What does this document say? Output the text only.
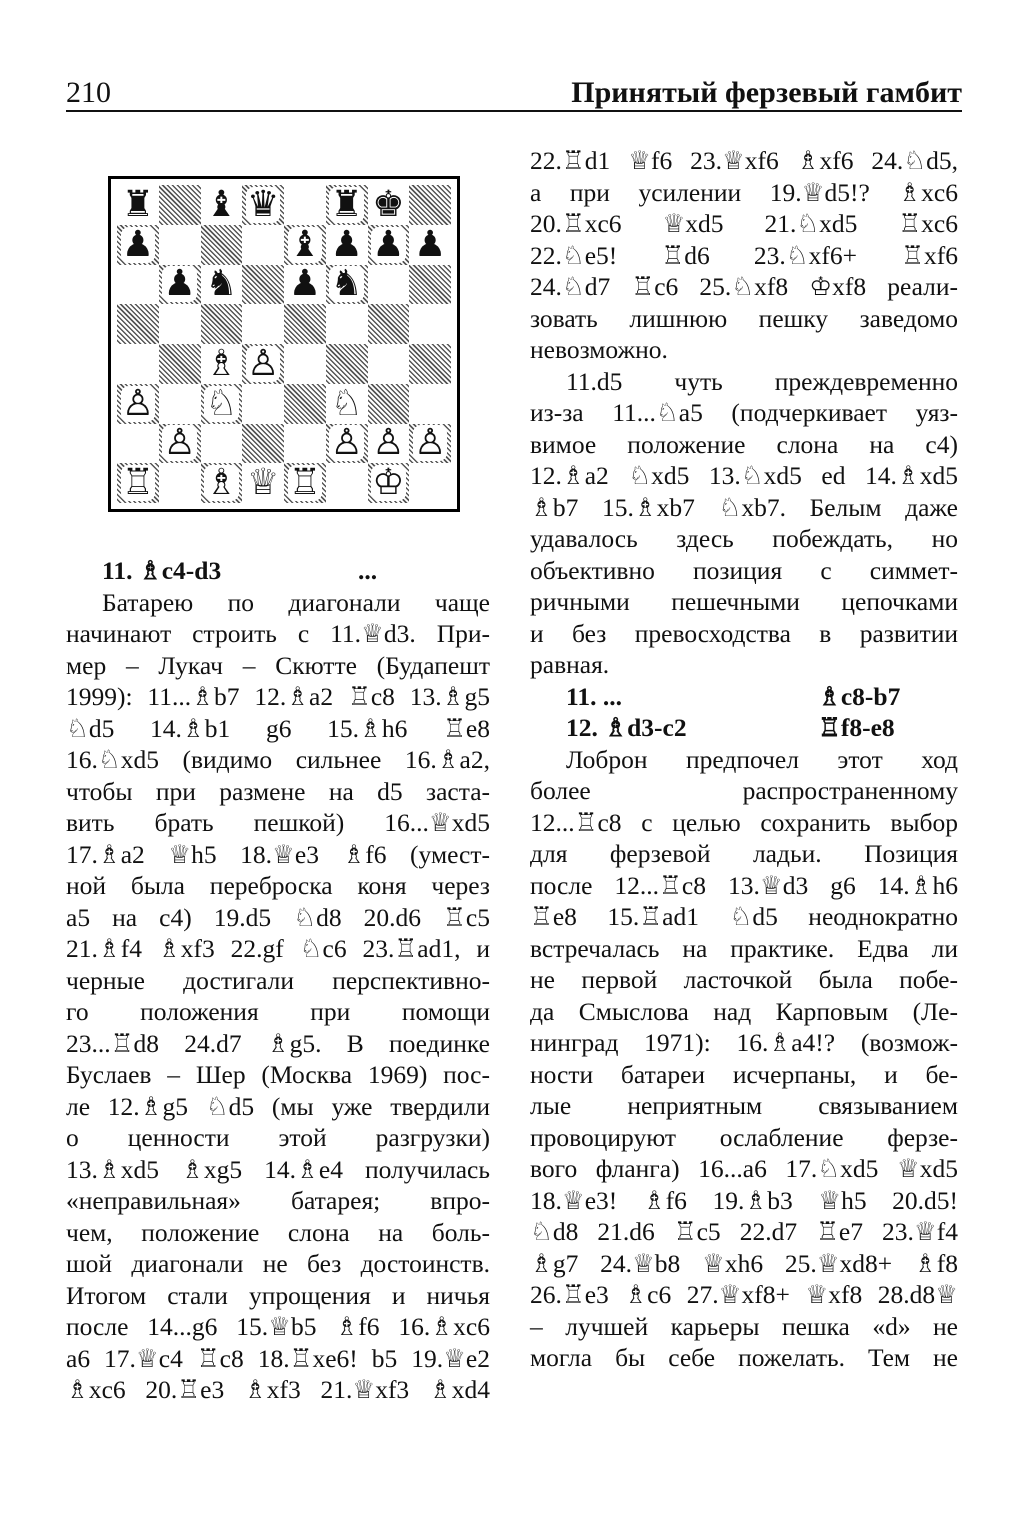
210	Принятый ферзевый гамбит
♜ ♝ ♛ ♜ ♚
♟	♝ ♟ ♟ ♟
♟ ♞ ♟ ♞
♗ ♙
♙ ♘	♘
♙	♙ ♙ ♙
♖ ♗ ♕ ♖ ♔
11. ♗c4-d3	...
Батарею по диагонали чаще
начинают строить с 11.♕d3. При-
мер – Лукач – Скютте (Будапешт
1999): 11...♗b7 12.♗a2 ♖c8 13.♗g5
♘d5 14.♗b1 g6 15.♗h6 ♖e8
16.♘xd5 (видимо сильнее 16.♗a2,
чтобы при размене на d5 заста-
вить брать пешкой) 16...♕xd5
17.♗a2 ♕h5 18.♕e3 ♗f6 (умест-
ной была переброска коня через
a5 на c4) 19.d5 ♘d8 20.d6 ♖c5
21.♗f4 ♗xf3 22.gf ♘c6 23.♖ad1, и
черные достигали перспективно-
го положения при помощи
23...♖d8 24.d7 ♗g5. В поединке
Буслаев – Шер (Москва 1969) пос-
ле 12.♗g5 ♘d5 (мы уже твердили
о ценности этой разгрузки)
13.♗xd5 ♗xg5 14.♗e4 получилась
«неправильная» батарея; впро-
чем, положение слона на боль-
шой диагонали не без достоинств.
Итогом стали упрощения и ничья
после 14...g6 15.♕b5 ♗f6 16.♗xc6
a6 17.♕c4 ♖c8 18.♖xe6! b5 19.♕e2
♗xc6 20.♖e3 ♗xf3 21.♕xf3 ♗xd4
22.♖d1 ♕f6 23.♕xf6 ♗xf6 24.♘d5,
а при усилении 19.♕d5!? ♗xc6
20.♖xc6 ♕xd5 21.♘xd5 ♖xc6
22.♘e5! ♖d6 23.♘xf6+ ♖xf6
24.♘d7 ♖c6 25.♘xf8 ♔xf8 реали-
зовать лишнюю пешку заведомо
невозможно.
11.d5 чуть преждевременно
из-за 11...♘a5 (подчеркивает уяз-
вимое положение слона на c4)
12.♗a2 ♘xd5 13.♘xd5 ed 14.♗xd5
♗b7 15.♗xb7 ♘xb7. Белым даже
удавалось здесь побеждать, но
объективно позиция с симмет-
ричными пешечными цепочками
и без превосходства в развитии
равная.
11. ...	♗c8-b7
12. ♗d3-c2	♖f8-e8
Лоброн предпочел этот ход
более распространенному
12...♖c8 с целью сохранить выбор
для ферзевой ладьи. Позиция
после 12...♖c8 13.♕d3 g6 14.♗h6
♖e8 15.♖ad1 ♘d5 неоднократно
встречалась на практике. Едва ли
не первой ласточкой была побе-
да Смыслова над Карповым (Ле-
нинград 1971): 16.♗a4!? (возмож-
ности батареи исчерпаны, и бе-
лые неприятным связыванием
провоцируют ослабление ферзе-
вого фланга) 16...a6 17.♘xd5 ♕xd5
18.♕e3! ♗f6 19.♗b3 ♕h5 20.d5!
♘d8 21.d6 ♖c5 22.d7 ♖e7 23.♕f4
♗g7 24.♕b8 ♕xh6 25.♕xd8+ ♗f8
26.♖e3 ♗c6 27.♕xf8+ ♕xf8 28.d8♕
– лучшей карьеры пешка «d» не
могла бы себе пожелать. Тем не
